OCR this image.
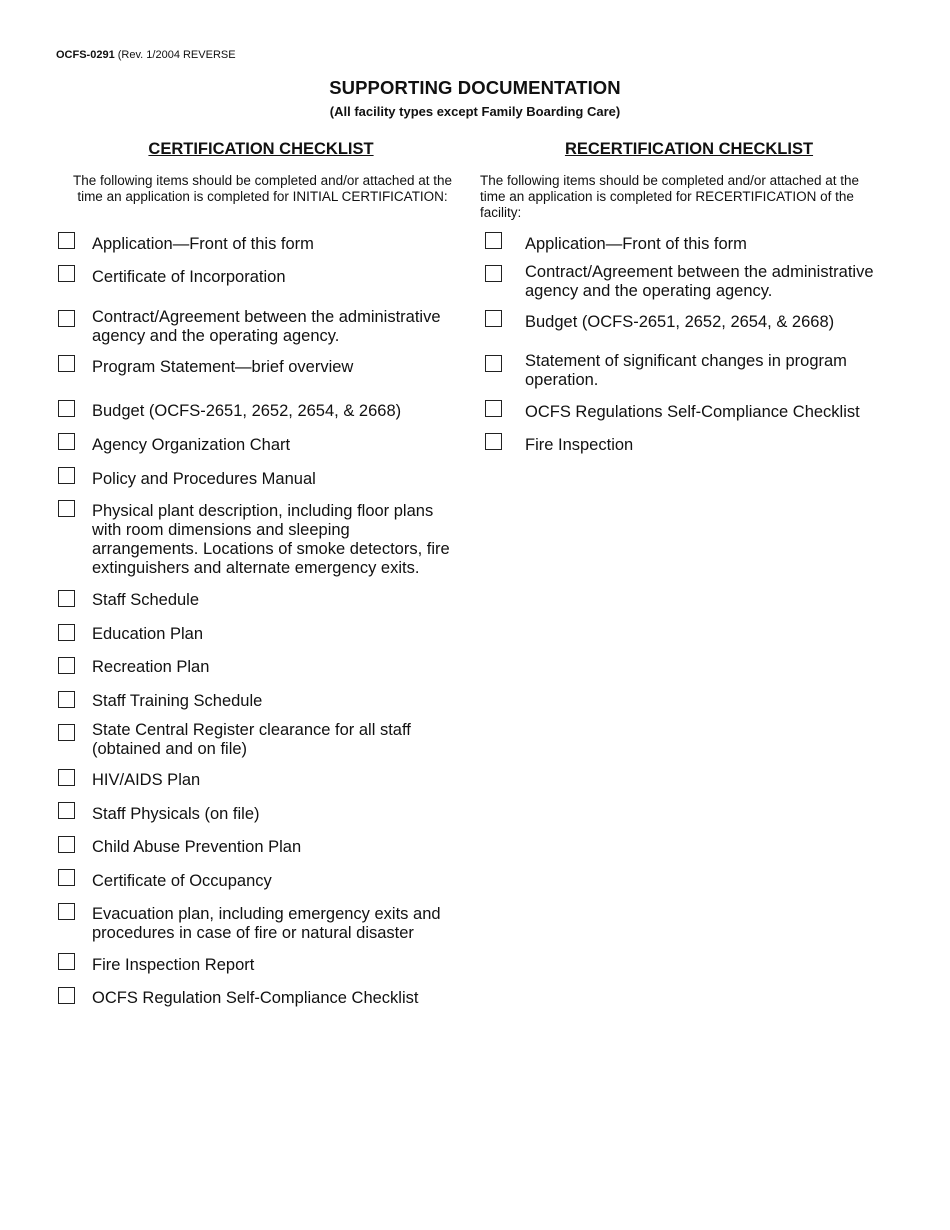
OCFS-0291 (Rev. 1/2004 REVERSE
SUPPORTING DOCUMENTATION
(All facility types except Family Boarding Care)
CERTIFICATION CHECKLIST	RECERTIFICATION CHECKLIST
The following items should be completed and/or attached at the
time an application is completed for INITIAL CERTIFICATION:
The following items should be completed and/or attached at the
time an application is completed for RECERTIFICATION of the
facility:
Application—Front of this form
Certificate of Incorporation
Contract/Agreement between the administrative
agency and the operating agency.
Program Statement—brief overview
Budget (OCFS-2651, 2652, 2654, & 2668)
Agency Organization Chart
Policy and Procedures Manual
Physical plant description, including floor plans
with room dimensions and sleeping
arrangements. Locations of smoke detectors, fire
extinguishers and alternate emergency exits.
Staff Schedule
Education Plan
Recreation Plan
Staff Training Schedule
State Central Register clearance for all staff
(obtained and on file)
HIV/AIDS Plan
Staff Physicals (on file)
Child Abuse Prevention Plan
Certificate of Occupancy
Evacuation plan, including emergency exits and
procedures in case of fire or natural disaster
Fire Inspection Report
OCFS Regulation Self-Compliance Checklist
Application—Front of this form
Contract/Agreement between the administrative
agency and the operating agency.
Budget (OCFS-2651, 2652, 2654, & 2668)
Statement of significant changes in program
operation.
OCFS Regulations Self-Compliance Checklist
Fire Inspection
